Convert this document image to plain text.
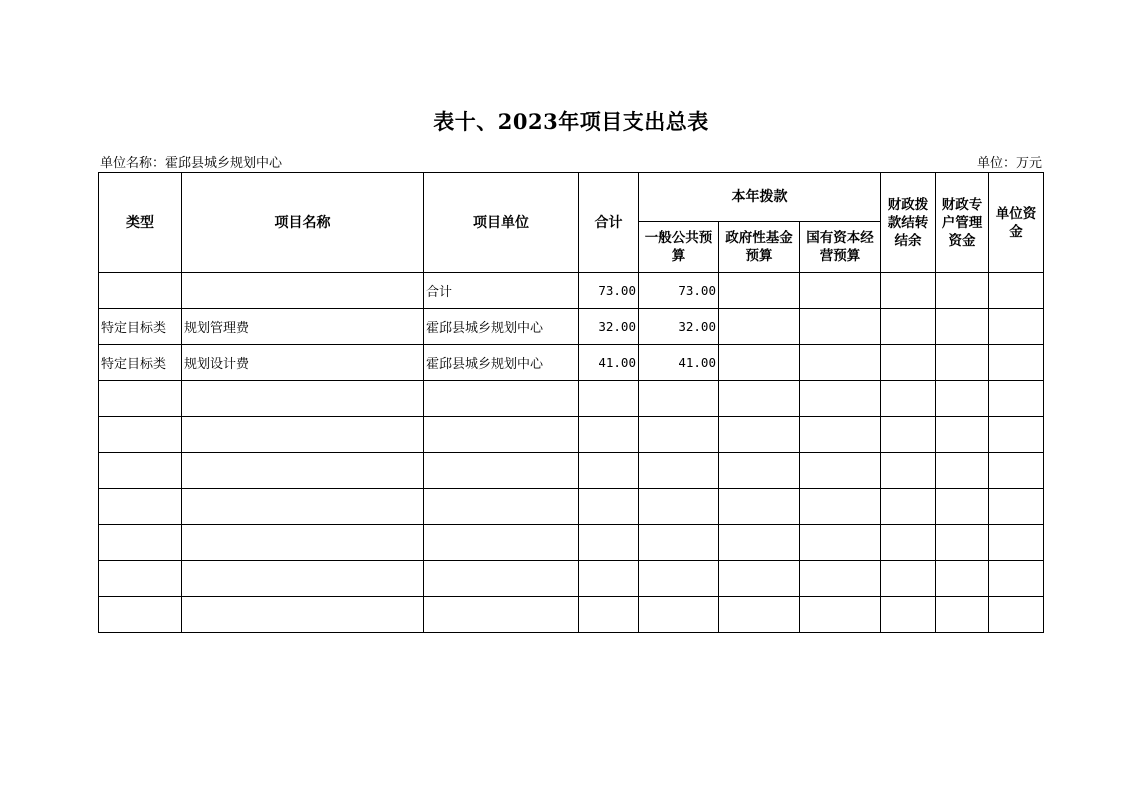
表十、2023年项目支出总表
单位名称：霍邱县城乡规划中心	单位：万元
类型	项目名称	项目单位	合计	本年拨款			财政拨款结转结余	财政专户管理资金	单位资金
				一般公共预算	政府性基金预算	国有资本经营预算			
		合计	73.00	73.00					
特定目标类	规划管理费	霍邱县城乡规划中心	32.00	32.00					
特定目标类	规划设计费	霍邱县城乡规划中心	41.00	41.00					
